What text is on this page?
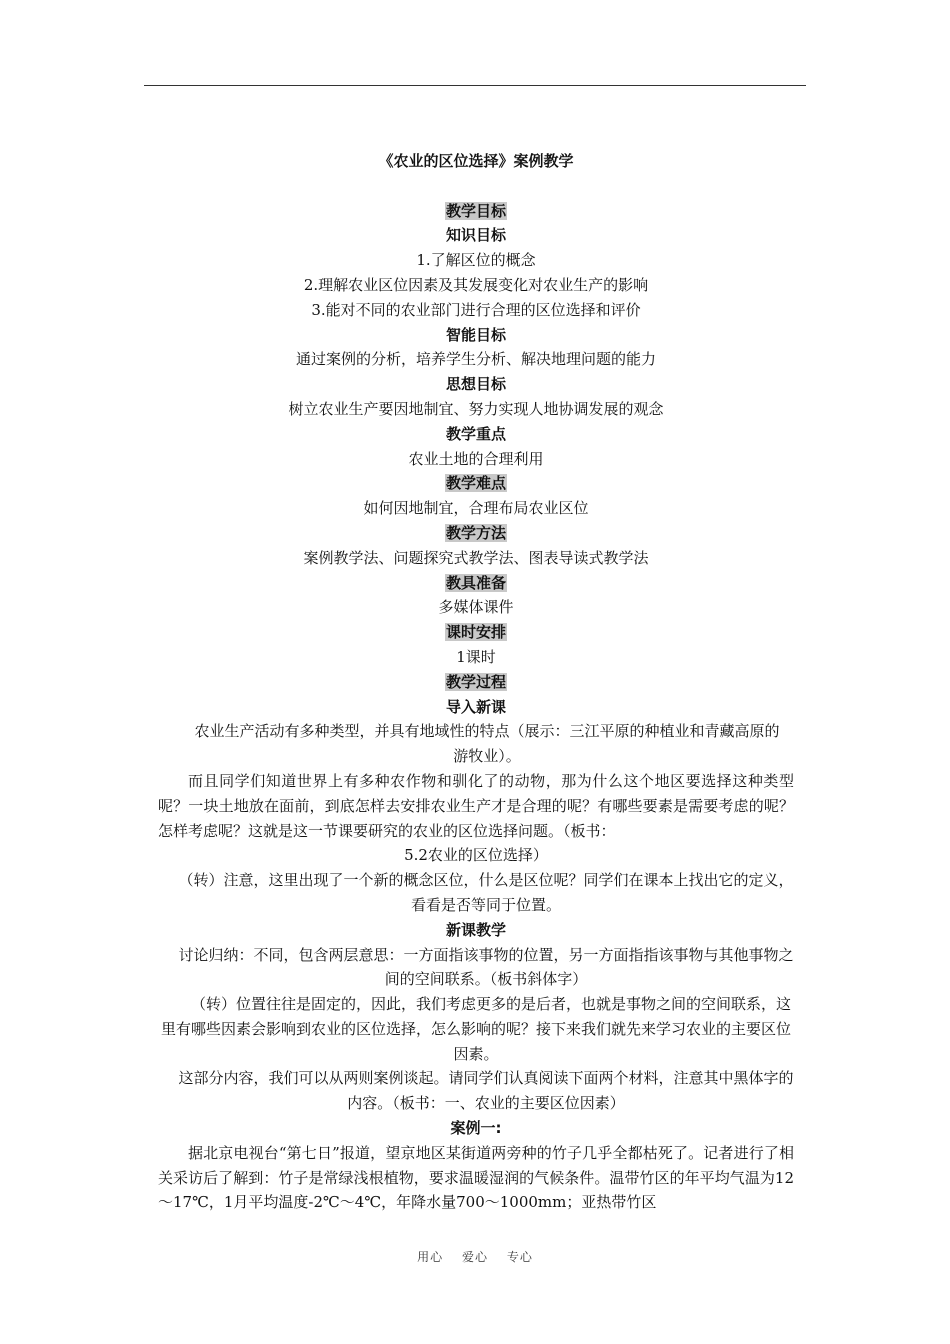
《农业的区位选择》案例教学
教学目标
知识目标
1.了解区位的概念
2.理解农业区位因素及其发展变化对农业生产的影响
3.能对不同的农业部门进行合理的区位选择和评价
智能目标
通过案例的分析，培养学生分析、解决地理问题的能力
思想目标
树立农业生产要因地制宜、努力实现人地协调发展的观念
教学重点
农业土地的合理利用
教学难点
如何因地制宜，合理布局农业区位
教学方法
案例教学法、问题探究式教学法、图表导读式教学法
教具准备
多媒体课件
课时安排
1课时
教学过程
导入新课
农业生产活动有多种类型，并具有地域性的特点（展示：三江平原的种植业和青藏高原的游牧业）。
而且同学们知道世界上有多种农作物和驯化了的动物，那为什么这个地区要选择这种类型呢？一块土地放在面前，到底怎样去安排农业生产才是合理的呢？有哪些要素是需要考虑的呢？怎样考虑呢？这就是这一节课要研究的农业的区位选择问题。（板书：
5.2农业的区位选择）
（转）注意，这里出现了一个新的概念区位，什么是区位呢？同学们在课本上找出它的定义，看看是否等同于位置。
新课教学
讨论归纳：不同，包含两层意思：一方面指该事物的位置，另一方面指指该事物与其他事物之间的空间联系。（板书斜体字）
（转）位置往往是固定的，因此，我们考虑更多的是后者，也就是事物之间的空间联系，这里有哪些因素会影响到农业的区位选择，怎么影响的呢？接下来我们就先来学习农业的主要区位因素。
这部分内容，我们可以从两则案例谈起。请同学们认真阅读下面两个材料，注意其中黑体字的内容。（板书：一、农业的主要区位因素）
案例一:
据北京电视台“第七日”报道，望京地区某街道两旁种的竹子几乎全都枯死了。记者进行了相关采访后了解到：竹子是常绿浅根植物，要求温暖湿润的气候条件。温带竹区的年平均气温为12～17℃，1月平均温度-2℃～4℃，年降水量700～1000mm；亚热带竹区
用心 爱心 专心
